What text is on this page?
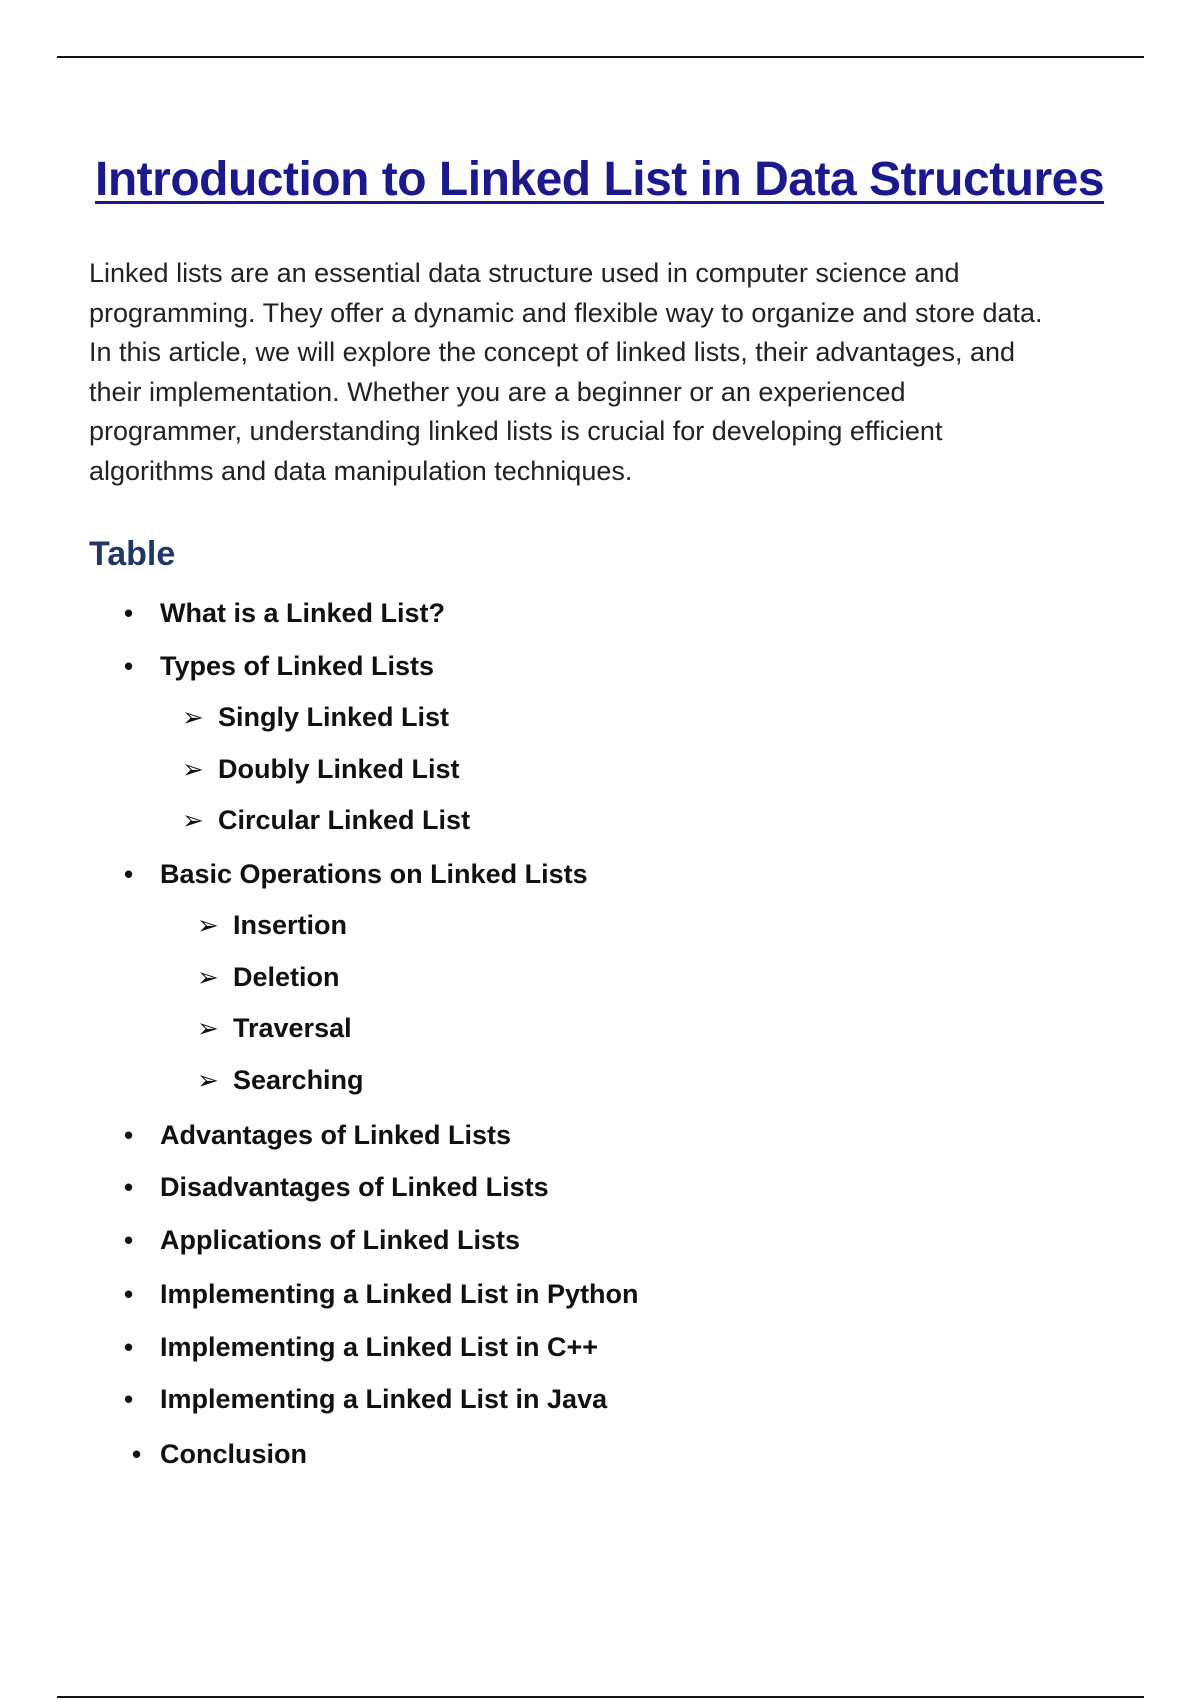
Introduction to Linked List in Data Structures

Linked lists are an essential data structure used in computer science and
programming. They offer a dynamic and flexible way to organize and store data.
In this article, we will explore the concept of linked lists, their advantages, and
their implementation. Whether you are a beginner or an experienced
programmer, understanding linked lists is crucial for developing efficient
algorithms and data manipulation techniques.

Table
• What is a Linked List?
• Types of Linked Lists
➢ Singly Linked List
➢ Doubly Linked List
➢ Circular Linked List
• Basic Operations on Linked Lists
➢ Insertion
➢ Deletion
➢ Traversal
➢ Searching
• Advantages of Linked Lists
• Disadvantages of Linked Lists
• Applications of Linked Lists
• Implementing a Linked List in Python
• Implementing a Linked List in C++
• Implementing a Linked List in Java
• Conclusion
